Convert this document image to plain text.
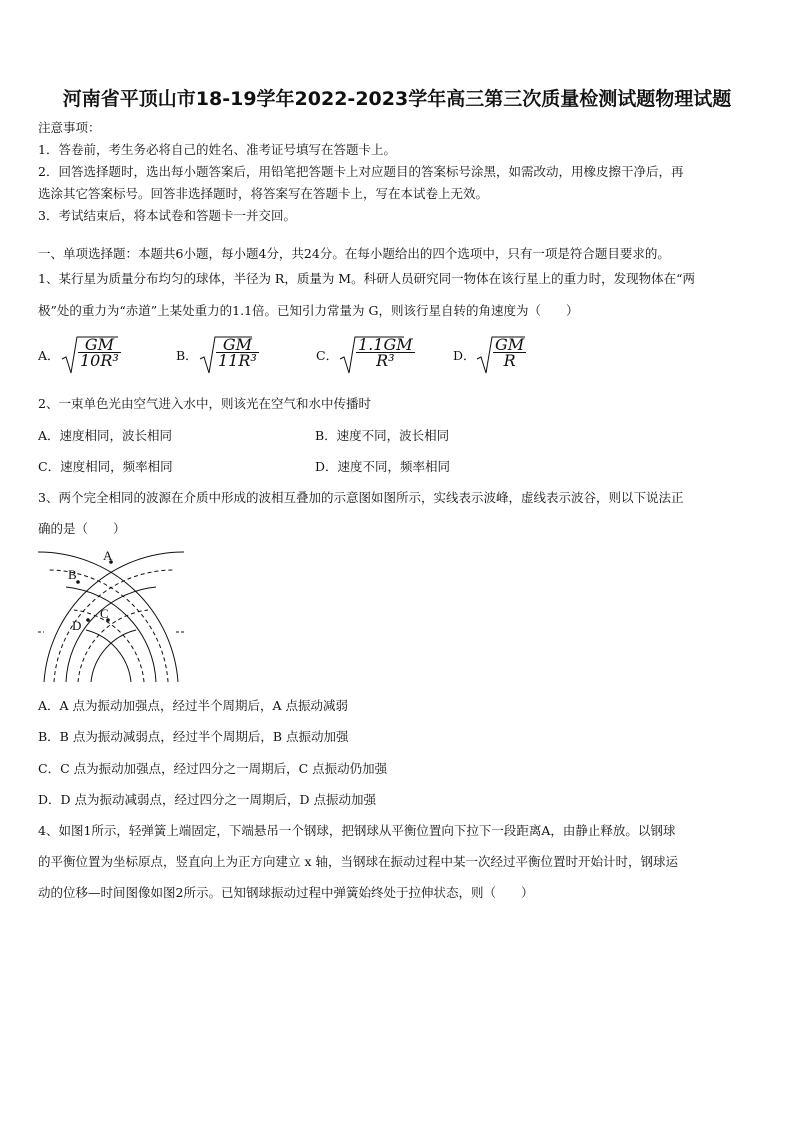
河南省平顶山市18-19学年2022-2023学年高三第三次质量检测试题物理试题
注意事项：
1．答卷前，考生务必将自己的姓名、准考证号填写在答题卡上。
2．回答选择题时，选出每小题答案后，用铅笔把答题卡上对应题目的答案标号涂黑，如需改动，用橡皮擦干净后，再
选涂其它答案标号。回答非选择题时，将答案写在答题卡上，写在本试卷上无效。
3．考试结束后，将本试卷和答题卡一并交回。
一、单项选择题：本题共6小题，每小题4分，共24分。在每小题给出的四个选项中，只有一项是符合题目要求的。
1、某行星为质量分布均匀的球体，半径为 R，质量为 M。科研人员研究同一物体在该行星上的重力时，发现物体在“两
极”处的重力为“赤道”上某处重力的1.1倍。已知引力常量为 G，则该行星自转的角速度为（　　）
A． $\frac{GM}{\text{10R³}}$	B． $\frac{GM}{\text{11R³}}$	C． $\frac{1.1GM}{\text{R³}}$	D． $\frac{GM}{R}$
2、一束单色光由空气进入水中，则该光在空气和水中传播时
A．速度相同，波长相同	B．速度不同，波长相同
C．速度相同，频率相同	D．速度不同，频率相同
3、两个完全相同的波源在介质中形成的波相互叠加的示意图如图所示，实线表示波峰，虚线表示波谷，则以下说法正
确的是（　　）
A
B
C
D
A．A 点为振动加强点，经过半个周期后，A 点振动减弱
B．B 点为振动减弱点，经过半个周期后，B 点振动加强
C．C 点为振动加强点，经过四分之一周期后，C 点振动仍加强
D．D 点为振动减弱点，经过四分之一周期后，D 点振动加强
4、如图1所示，轻弹簧上端固定，下端悬吊一个钢球，把钢球从平衡位置向下拉下一段距离A，由静止释放。以钢球
的平衡位置为坐标原点，竖直向上为正方向建立 x 轴，当钢球在振动过程中某一次经过平衡位置时开始计时，钢球运
动的位移—时间图像如图2所示。已知钢球振动过程中弹簧始终处于拉伸状态，则（　　）
